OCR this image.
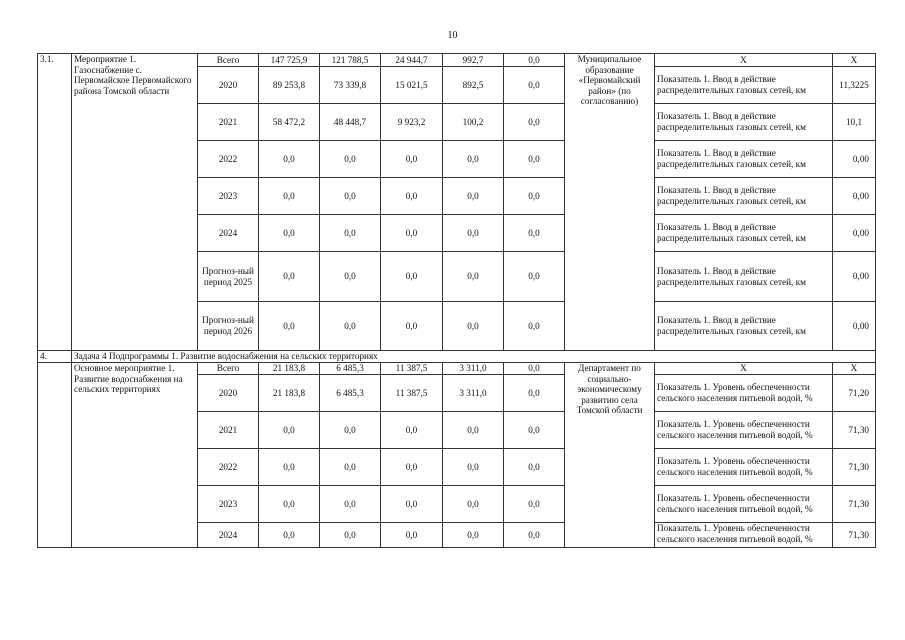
10
3.1.	Мероприятие 1. Газоснабжение с. Первомайское Первомайского района Томской области	Всего	147 725,9	121 788,5	24 944,7	992,7	0,0	Муниципальное образование «Первомайский район» (по согласованию)	Х	Х
		2020	89 253,8	73 339,8	15 021,5	892,5	0,0		Показатель 1. Ввод в действие распределительных газовых сетей, км	11,3225
		2021	58 472,2	48 448,7	9 923,2	100,2	0,0		Показатель 1. Ввод в действие распределительных газовых сетей, км	10,1
		2022	0,0	0,0	0,0	0,0	0,0		Показатель 1. Ввод в действие распределительных газовых сетей, км	0,00
		2023	0,0	0,0	0,0	0,0	0,0		Показатель 1. Ввод в действие распределительных газовых сетей, км	0,00
		2024	0,0	0,0	0,0	0,0	0,0		Показатель 1. Ввод в действие распределительных газовых сетей, км	0,00
		Прогноз-ный период 2025	0,0	0,0	0,0	0,0	0,0		Показатель 1. Ввод в действие распределительных газовых сетей, км	0,00
		Прогноз-ный период 2026	0,0	0,0	0,0	0,0	0,0		Показатель 1. Ввод в действие распределительных газовых сетей, км	0,00
4.	Задача 4 Подпрограммы 1. Развитие водоснабжения на сельских территориях									
	Основное мероприятие 1. Развитие водоснабжения на сельских территориях	Всего	21 183,8	6 485,3	11 387,5	3 311,0	0,0	Департамент по социально-экономическому развитию села Томской области	Х	Х
		2020	21 183,8	6 485,3	11 387,5	3 311,0	0,0		Показатель 1. Уровень обеспеченности сельского населения питьевой водой, %	71,20
		2021	0,0	0,0	0,0	0,0	0,0		Показатель 1. Уровень обеспеченности сельского населения питьевой водой, %	71,30
		2022	0,0	0,0	0,0	0,0	0,0		Показатель 1. Уровень обеспеченности сельского населения питьевой водой, %	71,30
		2023	0,0	0,0	0,0	0,0	0,0		Показатель 1. Уровень обеспеченности сельского населения питьевой водой, %	71,30
		2024	0,0	0,0	0,0	0,0	0,0		Показатель 1. Уровень обеспеченности сельского населения питьевой водой, %	71,30
